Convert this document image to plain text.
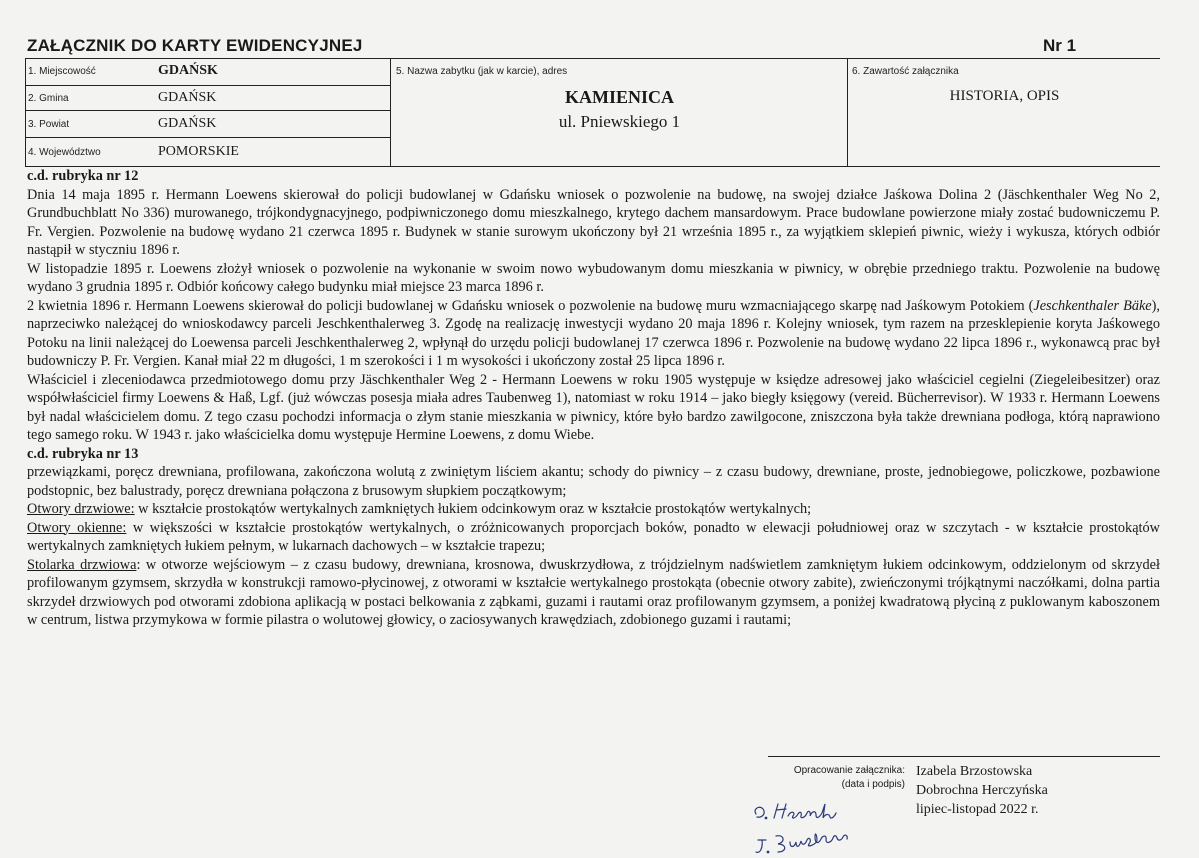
ZAŁĄCZNIK DO KARTY EWIDENCYJNEJ	Nr 1
1. Miejscowość	GDAŃSK
2. Gmina	GDAŃSK
3. Powiat	GDAŃSK
4. Województwo	POMORSKIE
5. Nazwa zabytku (jak w karcie), adres
KAMIENICA
ul. Pniewskiego 1
6. Zawartość załącznika
HISTORIA, OPIS

c.d. rubryka nr 12

Dnia 14 maja 1895 r. Hermann Loewens skierował do policji budowlanej w Gdańsku wniosek o pozwolenie na budowę, na swojej działce Jaśkowa Dolina 2 (Jäschkenthaler Weg No 2, Grundbuchblatt No 336) murowanego, trójkondygnacyjnego, podpiwniczonego domu mieszkalnego, krytego dachem mansardowym. Prace budowlane powierzone miały zostać budowniczemu P. Fr. Vergien. Pozwolenie na budowę wydano 21 czerwca 1895 r. Budynek w stanie surowym ukończony był 21 września 1895 r., za wyjątkiem sklepień piwnic, wieży i wykusza, których odbiór nastąpił w styczniu 1896 r.

W listopadzie 1895 r. Loewens złożył wniosek o pozwolenie na wykonanie w swoim nowo wybudowanym domu mieszkania w piwnicy, w obrębie przedniego traktu. Pozwolenie na budowę wydano 3 grudnia 1895 r. Odbiór końcowy całego budynku miał miejsce 23 marca 1896 r.

2 kwietnia 1896 r. Hermann Loewens skierował do policji budowlanej w Gdańsku wniosek o pozwolenie na budowę muru wzmacniającego skarpę nad Jaśkowym Potokiem (Jeschkenthaler Bäke), naprzeciwko należącej do wnioskodawcy parceli Jeschkenthalerweg 3. Zgodę na realizację inwestycji wydano 20 maja 1896 r. Kolejny wniosek, tym razem na przesklepienie koryta Jaśkowego Potoku na linii należącej do Loewensa parceli Jeschkenthalerweg 2, wpłynął do urzędu policji budowlanej 17 czerwca 1896 r. Pozwolenie na budowę wydano 22 lipca 1896 r., wykonawcą prac był budowniczy P. Fr. Vergien. Kanał miał 22 m długości, 1 m szerokości i 1 m wysokości i ukończony został 25 lipca 1896 r.

Właściciel i zleceniodawca przedmiotowego domu przy Jäschkenthaler Weg 2 - Hermann Loewens w roku 1905 występuje w księdze adresowej jako właściciel cegielni (Ziegeleibesitzer) oraz współwłaściciel firmy Loewens & Haß, Lgf. (już wówczas posesja miała adres Taubenweg 1), natomiast w roku 1914 – jako biegły księgowy (vereid. Bücherrevisor). W 1933 r. Hermann Loewens był nadal właścicielem domu. Z tego czasu pochodzi informacja o złym stanie mieszkania w piwnicy, które było bardzo zawilgocone, zniszczona była także drewniana podłoga, którą naprawiono tego samego roku. W 1943 r. jako właścicielka domu występuje Hermine Loewens, z domu Wiebe.

c.d. rubryka nr 13

przewiązkami, poręcz drewniana, profilowana, zakończona wolutą z zwiniętym liściem akantu; schody do piwnicy – z czasu budowy, drewniane, proste, jednobiegowe, policzkowe, pozbawione podstopnic, bez balustrady, poręcz drewniana połączona z brusowym słupkiem początkowym;

Otwory drzwiowe: w kształcie prostokątów wertykalnych zamkniętych łukiem odcinkowym oraz w kształcie prostokątów wertykalnych;

Otwory okienne: w większości w kształcie prostokątów wertykalnych, o zróżnicowanych proporcjach boków, ponadto w elewacji południowej oraz w szczytach - w kształcie prostokątów wertykalnych zamkniętych łukiem pełnym, w lukarnach dachowych – w kształcie trapezu;

Stolarka drzwiowa: w otworze wejściowym – z czasu budowy, drewniana, krosnowa, dwuskrzydłowa, z trójdzielnym nadświetlem zamkniętym łukiem odcinkowym, oddzielonym od skrzydeł profilowanym gzymsem, skrzydła w konstrukcji ramowo-płycinowej, z otworami w kształcie wertykalnego prostokąta (obecnie otwory zabite), zwieńczonymi trójkątnymi naczółkami, dolna partia skrzydeł drzwiowych pod otworami zdobiona aplikacją w postaci belkowania z ząbkami, guzami i rautami oraz profilowanym gzymsem, a poniżej kwadratową płyciną z puklowanym kaboszonem w centrum, listwa przymykowa w formie pilastra o wolutowej głowicy, o zaciosywanych krawędziach, zdobionego guzami i rautami;

Opracowanie załącznika:
(data i podpis)
Izabela Brzostowska
Dobrochna Herczyńska
lipiec-listopad 2022 r.
